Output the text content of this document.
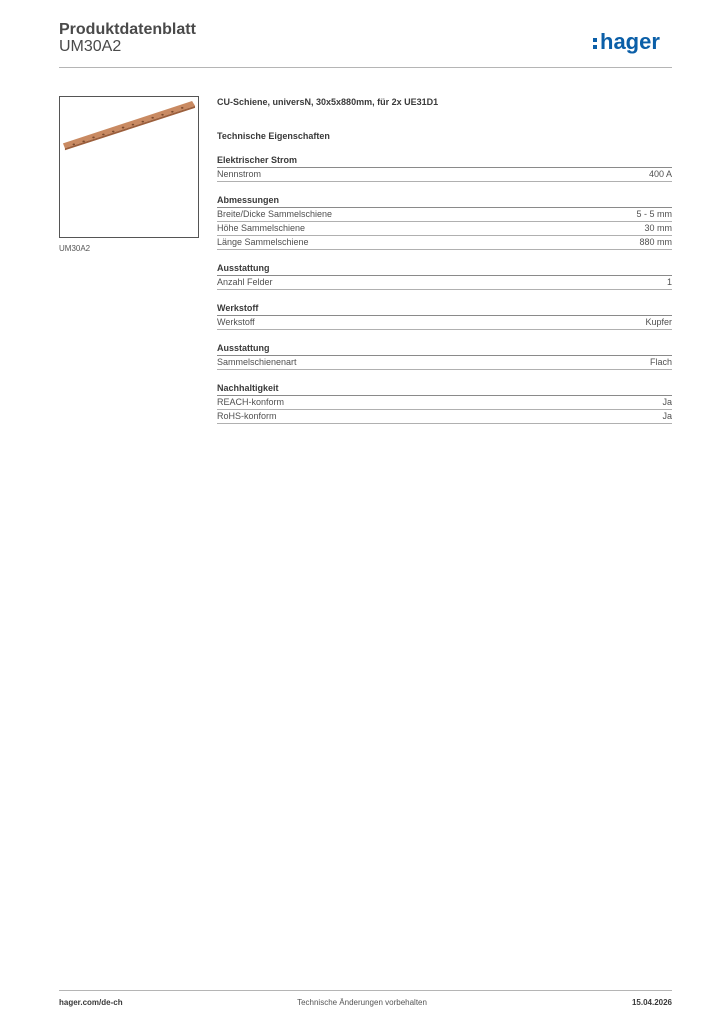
Produktdatenblatt
UM30A2	hager
UM30A2
CU-Schiene, universN, 30x5x880mm, für 2x UE31D1
Technische Eigenschaften
Elektrischer Strom
Nennstrom	400 A
Abmessungen
Breite/Dicke Sammelschiene	5 - 5 mm
Höhe Sammelschiene	30 mm
Länge Sammelschiene	880 mm
Ausstattung
Anzahl Felder	1
Werkstoff
Werkstoff	Kupfer
Ausstattung
Sammelschienenart	Flach
Nachhaltigkeit
REACH-konform	Ja
RoHS-konform	Ja
Technische Änderungen vorbehalten
hager.com/de-ch	15.04.2026
